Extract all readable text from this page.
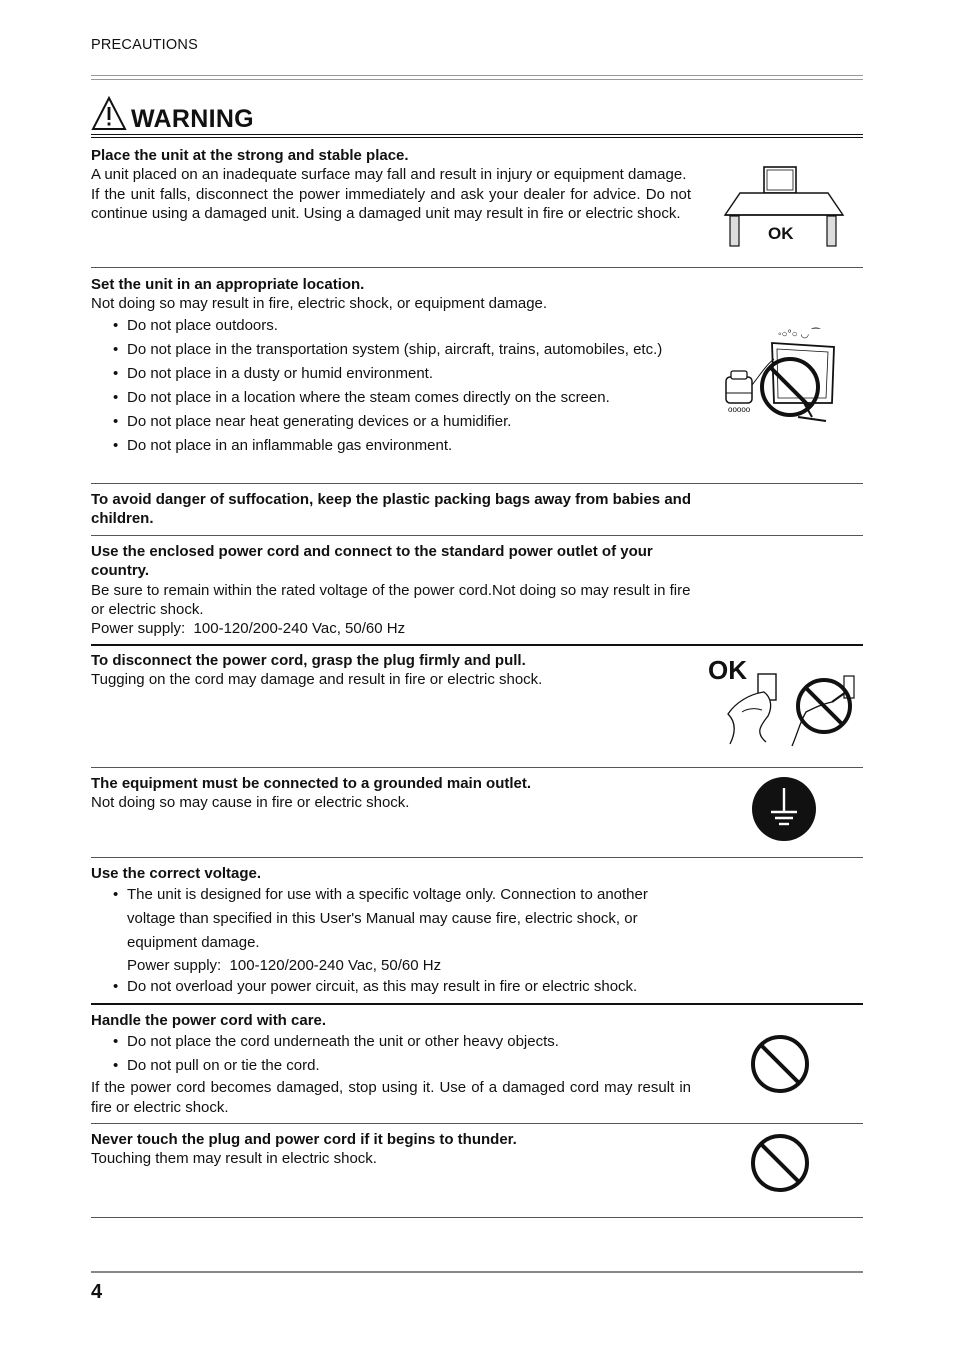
PRECAUTIONS
WARNING
Place the unit at the strong and stable place.

A unit placed on an inadequate surface may fall and result in injury or equipment damage.

If the unit falls, disconnect the power immediately and ask your dealer for advice. Do not continue using a damaged unit. Using a damaged unit may result in fire or electric shock.

OK
Set the unit in an appropriate location.

Not doing so may result in fire, electric shock, or equipment damage.

• Do not place outdoors.
• Do not place in the transportation system (ship, aircraft, trains, automobiles, etc.)
• Do not place in a dusty or humid environment.
• Do not place in a location where the steam comes directly on the screen.
• Do not place near heat generating devices or a humidifier.
• Do not place in an inflammable gas environment.
◦○°○ ◡ ⁀
ooooo

To avoid danger of suffocation, keep the plastic packing bags away from babies and children.

Use the enclosed power cord and connect to the standard power outlet of your country.

Be sure to remain within the rated voltage of the power cord.Not doing so may result in fire or electric shock.

Power supply:  100-120/200-240 Vac, 50/60 Hz

To disconnect the power cord, grasp the plug firmly and pull.

Tugging on the cord may damage and result in fire or electric shock.	OK
The equipment must be connected to a grounded main outlet.

Not doing so may cause in fire or electric shock.

Use the correct voltage.
• The unit is designed for use with a specific voltage only. Connection to another voltage than specified in this User's Manual may cause fire, electric shock, or equipment damage.
Power supply:  100-120/200-240 Vac, 50/60 Hz
• Do not overload your power circuit, as this may result in fire or electric shock.
Handle the power cord with care.
• Do not place the cord underneath the unit or other heavy objects.
• Do not pull on or tie the cord.

If the power cord becomes damaged, stop using it. Use of a damaged cord may result in fire or electric shock.

Never touch the plug and power cord if it begins to thunder.

Touching them may result in electric shock.

4
